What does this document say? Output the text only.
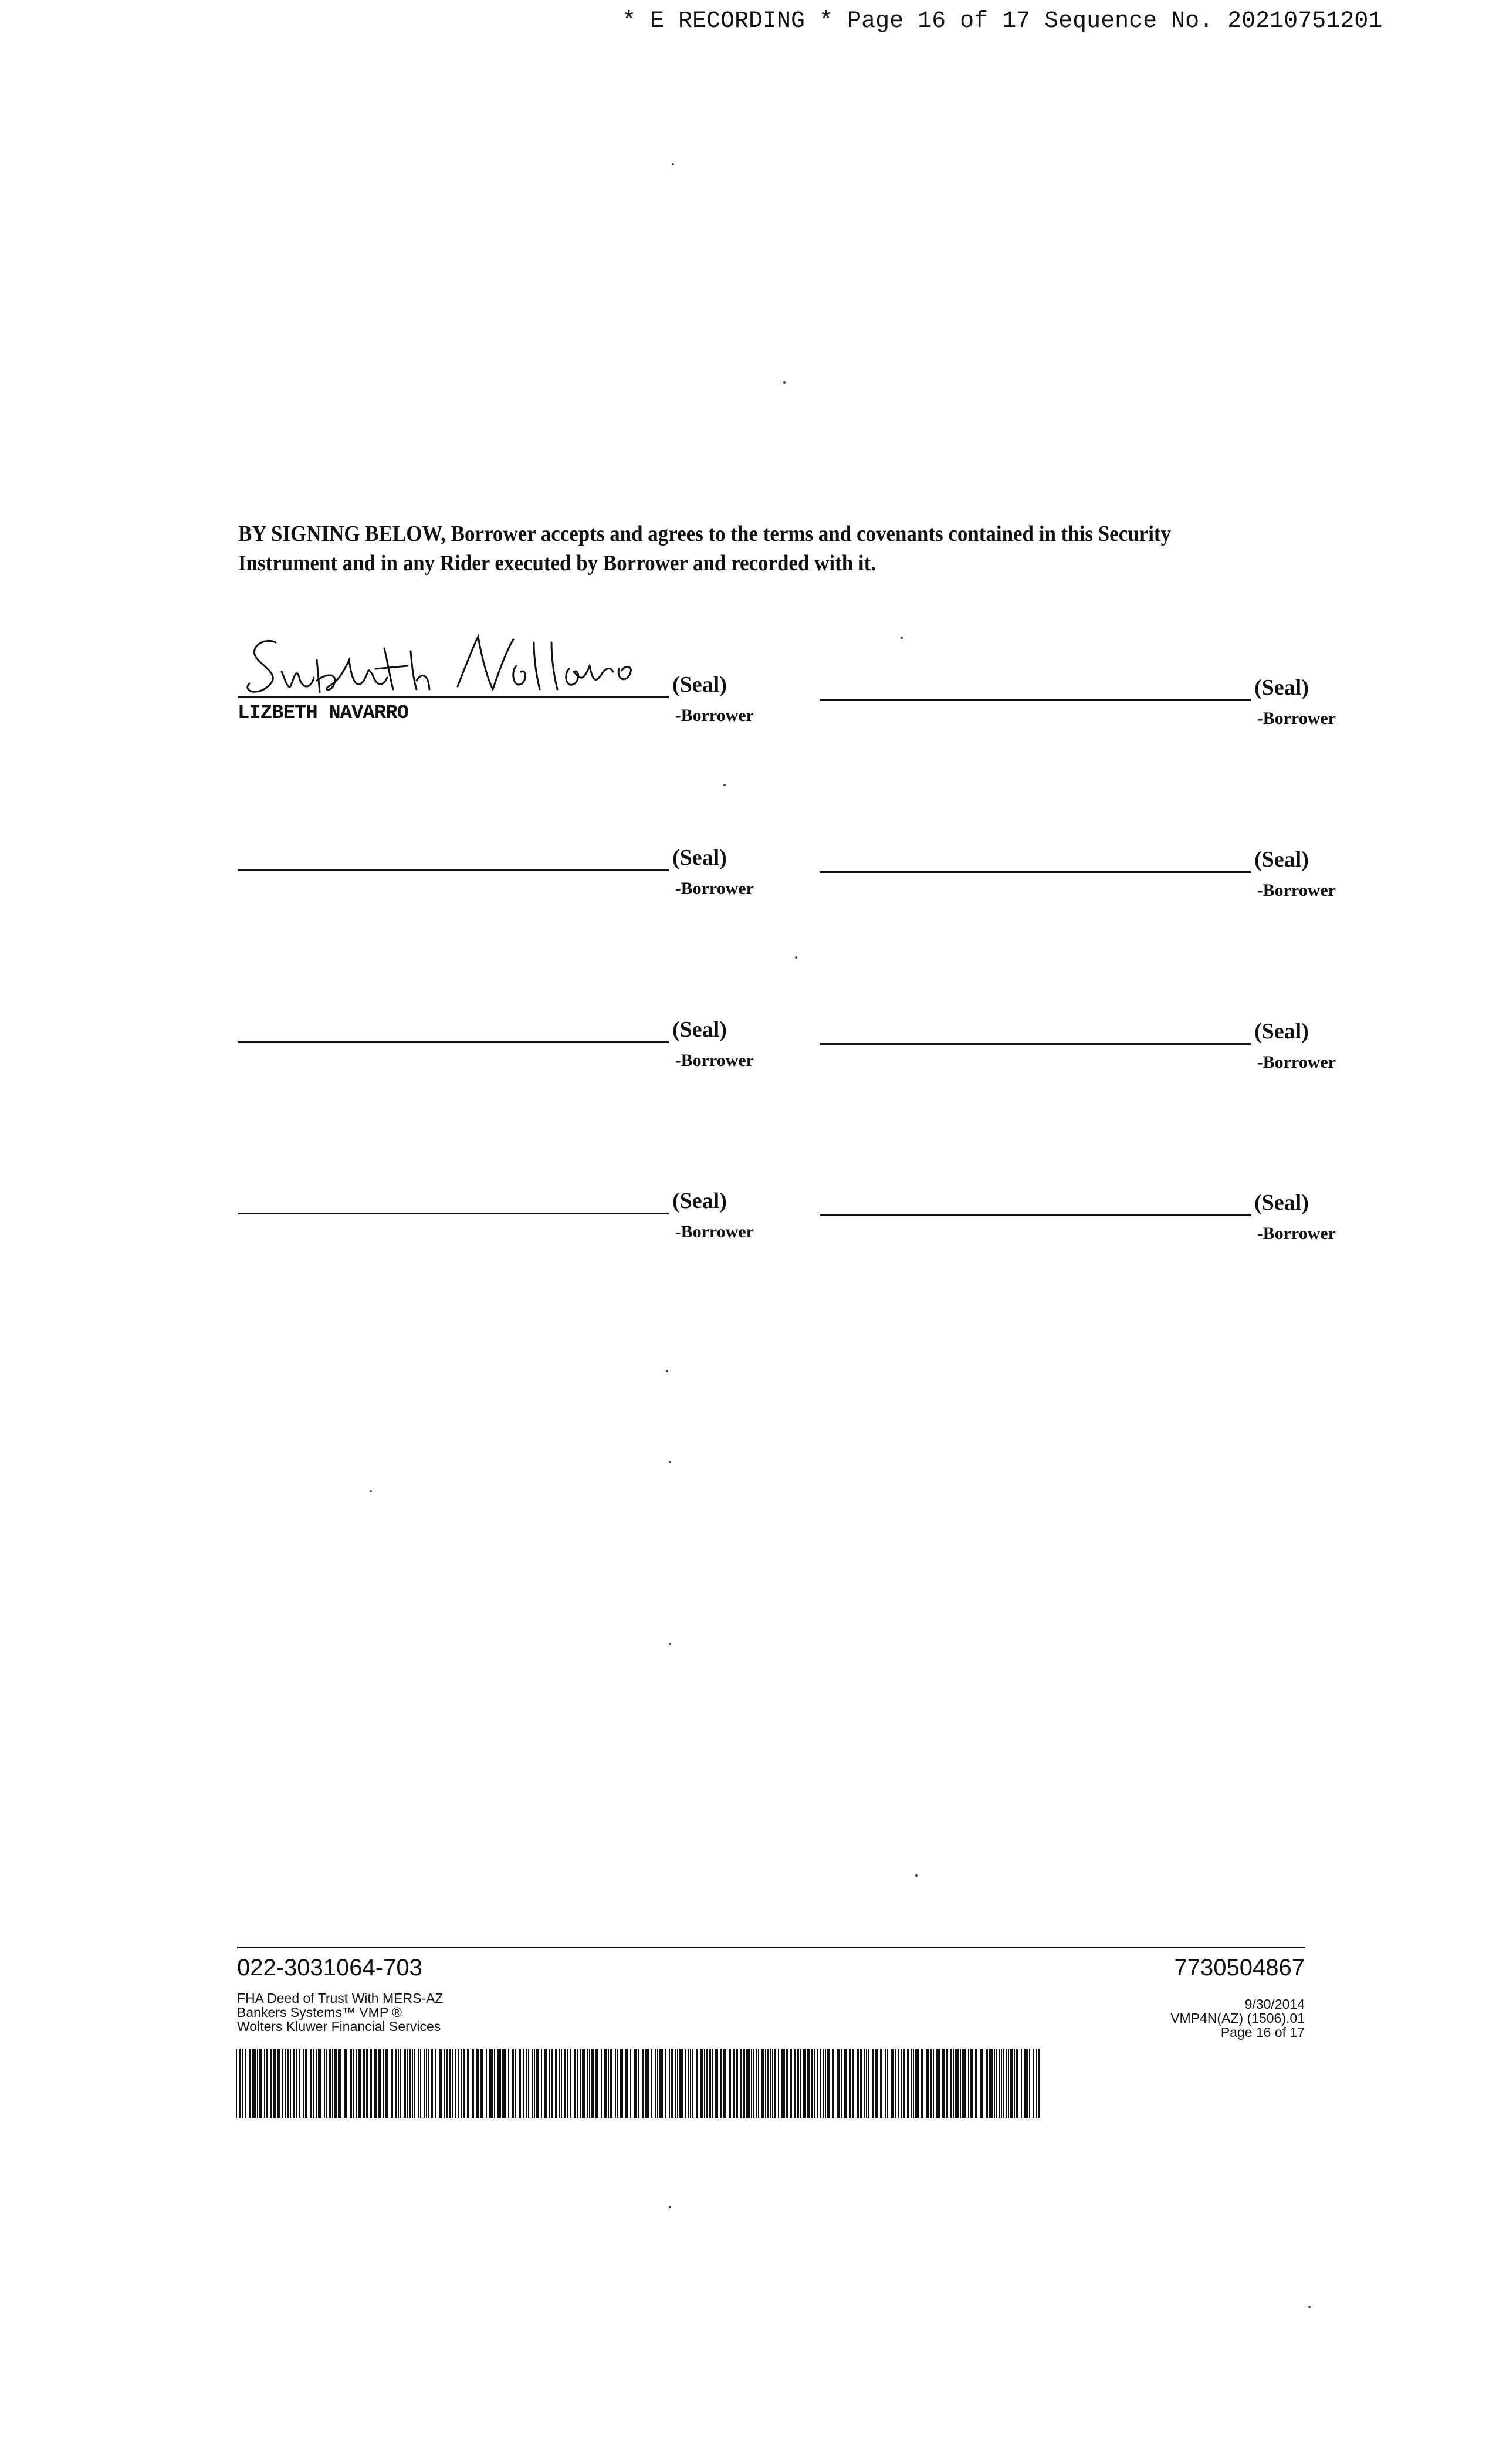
* E RECORDING * Page 16 of 17 Sequence No. 20210751201
BY SIGNING BELOW, Borrower accepts and agrees to the terms and covenants contained in this Security
Instrument and in any Rider executed by Borrower and recorded with it.
(Seal)
LIZBETH NAVARRO	-Borrower
(Seal)
-Borrower
(Seal)
-Borrower
(Seal)
-Borrower
(Seal)
-Borrower
(Seal)
-Borrower
(Seal)
-Borrower
(Seal)
-Borrower
022-3031064-703	7730504867
FHA Deed of Trust With MERS-AZ
Bankers Systems™ VMP ®
Wolters Kluwer Financial Services
9/30/2014
VMP4N(AZ) (1506).01
Page 16 of 17
